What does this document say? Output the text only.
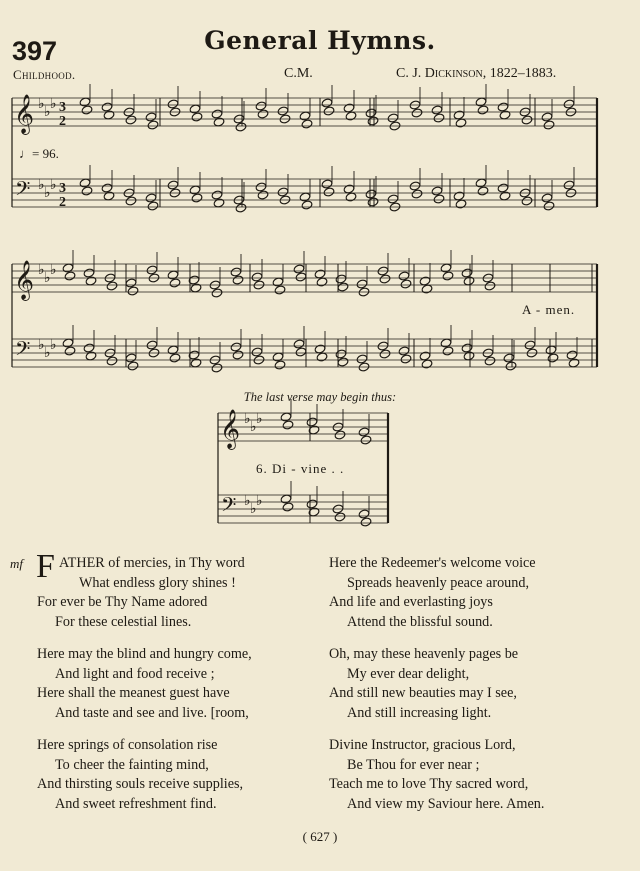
397	General Hymns.
Childhood.	C.M.	C. J. Dickinson, 1822–1883.
𝄞
𝄢
♭ ♭ ♭
♭ ♭ ♭
3
2
3
2
𝄞
𝄢
♭ ♭ ♭
♭ ♭ ♭
𝄞
𝄢
♭ ♭ ♭
♭ ♭ ♭
♩= 96.
A - men.
The last verse may begin thus:
6. Di - vine . .
mf F ATHER of mercies, in Thy word
What endless glory shines !
For ever be Thy Name adored
For these celestial lines.
Here may the blind and hungry come,
And light and food receive ;
Here shall the meanest guest have
And taste and see and live. [room,
Here springs of consolation rise
To cheer the fainting mind,
And thirsting souls receive supplies,
And sweet refreshment find.
Here the Redeemer's welcome voice
Spreads heavenly peace around,
And life and everlasting joys
Attend the blissful sound.
Oh, may these heavenly pages be
My ever dear delight,
And still new beauties may I see,
And still increasing light.
Divine Instructor, gracious Lord,
Be Thou for ever near ;
Teach me to love Thy sacred word,
And view my Saviour here. Amen.
( 627 )
